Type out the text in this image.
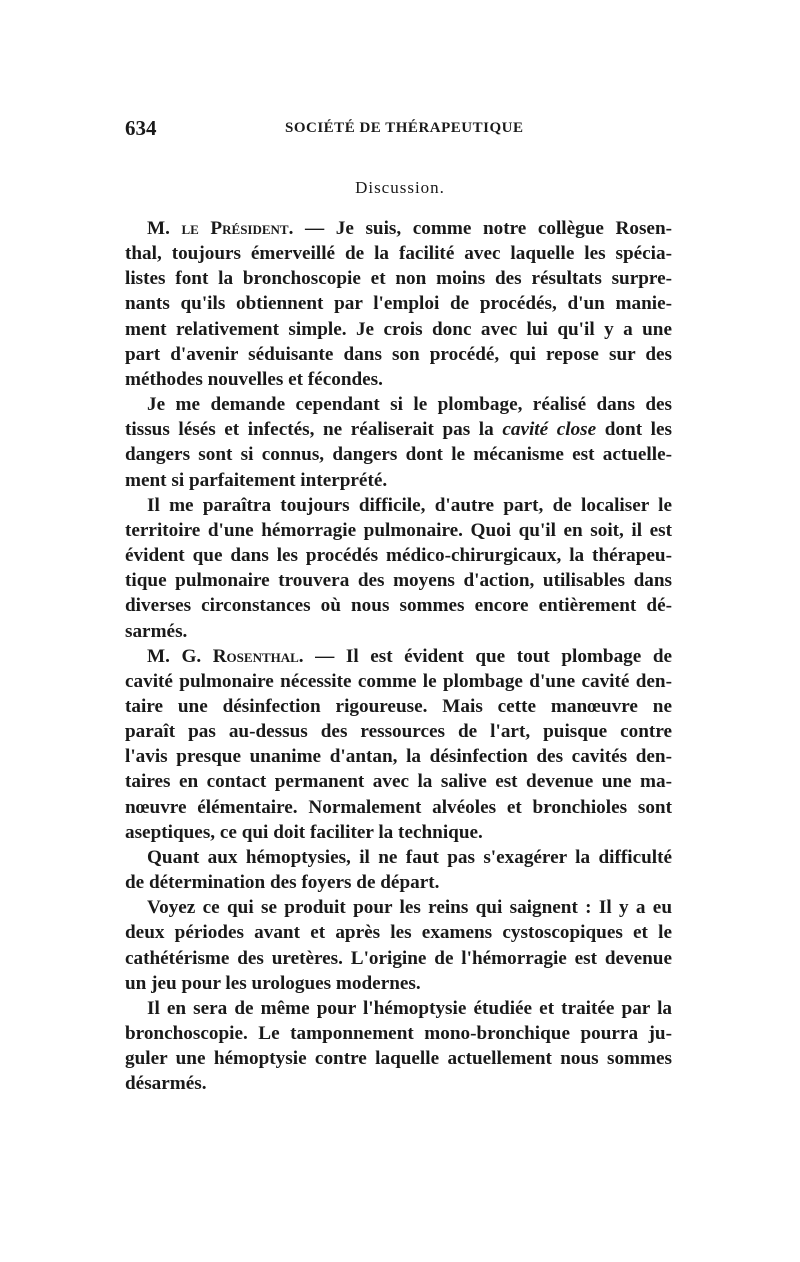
634	SOCIÉTÉ DE THÉRAPEUTIQUE
Discussion.
M. le Président. — Je suis, comme notre collègue Rosen-
thal, toujours émerveillé de la facilité avec laquelle les spécia-
listes font la bronchoscopie et non moins des résultats surpre-
nants qu'ils obtiennent par l'emploi de procédés, d'un manie-
ment relativement simple. Je crois donc avec lui qu'il y a une
part d'avenir séduisante dans son procédé, qui repose sur des
méthodes nouvelles et fécondes.
Je me demande cependant si le plombage, réalisé dans des
tissus lésés et infectés, ne réaliserait pas la cavité close dont les
dangers sont si connus, dangers dont le mécanisme est actuelle-
ment si parfaitement interprété.
Il me paraîtra toujours difficile, d'autre part, de localiser le
territoire d'une hémorragie pulmonaire. Quoi qu'il en soit, il est
évident que dans les procédés médico-chirurgicaux, la thérapeu-
tique pulmonaire trouvera des moyens d'action, utilisables dans
diverses circonstances où nous sommes encore entièrement dé-
sarmés.
M. G. Rosenthal. — Il est évident que tout plombage de
cavité pulmonaire nécessite comme le plombage d'une cavité den-
taire une désinfection rigoureuse. Mais cette manœuvre ne
paraît pas au-dessus des ressources de l'art, puisque contre
l'avis presque unanime d'antan, la désinfection des cavités den-
taires en contact permanent avec la salive est devenue une ma-
nœuvre élémentaire. Normalement alvéoles et bronchioles sont
aseptiques, ce qui doit faciliter la technique.
Quant aux hémoptysies, il ne faut pas s'exagérer la difficulté
de détermination des foyers de départ.
Voyez ce qui se produit pour les reins qui saignent : Il y a eu
deux périodes avant et après les examens cystoscopiques et le
cathétérisme des uretères. L'origine de l'hémorragie est devenue
un jeu pour les urologues modernes.
Il en sera de même pour l'hémoptysie étudiée et traitée par la
bronchoscopie. Le tamponnement mono-bronchique pourra ju-
guler une hémoptysie contre laquelle actuellement nous sommes
désarmés.
